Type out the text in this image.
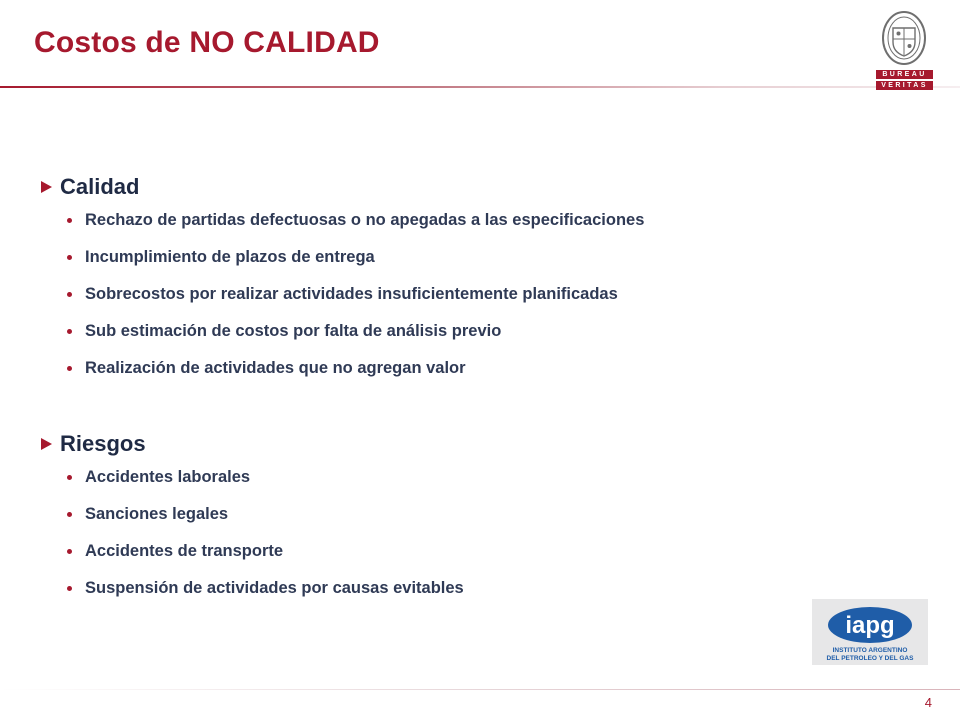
Costos de NO CALIDAD
BUREAU
VERITAS
Calidad
Rechazo de partidas defectuosas o no apegadas a las especificaciones
Incumplimiento de plazos de entrega
Sobrecostos por realizar actividades insuficientemente planificadas
Sub estimación de costos por falta de análisis previo
Realización de actividades que no agregan valor
Riesgos
Accidentes laborales
Sanciones legales
Accidentes de transporte
Suspensión de actividades por causas evitables
iapg
INSTITUTO ARGENTINO
DEL PETROLEO Y DEL GAS
4
